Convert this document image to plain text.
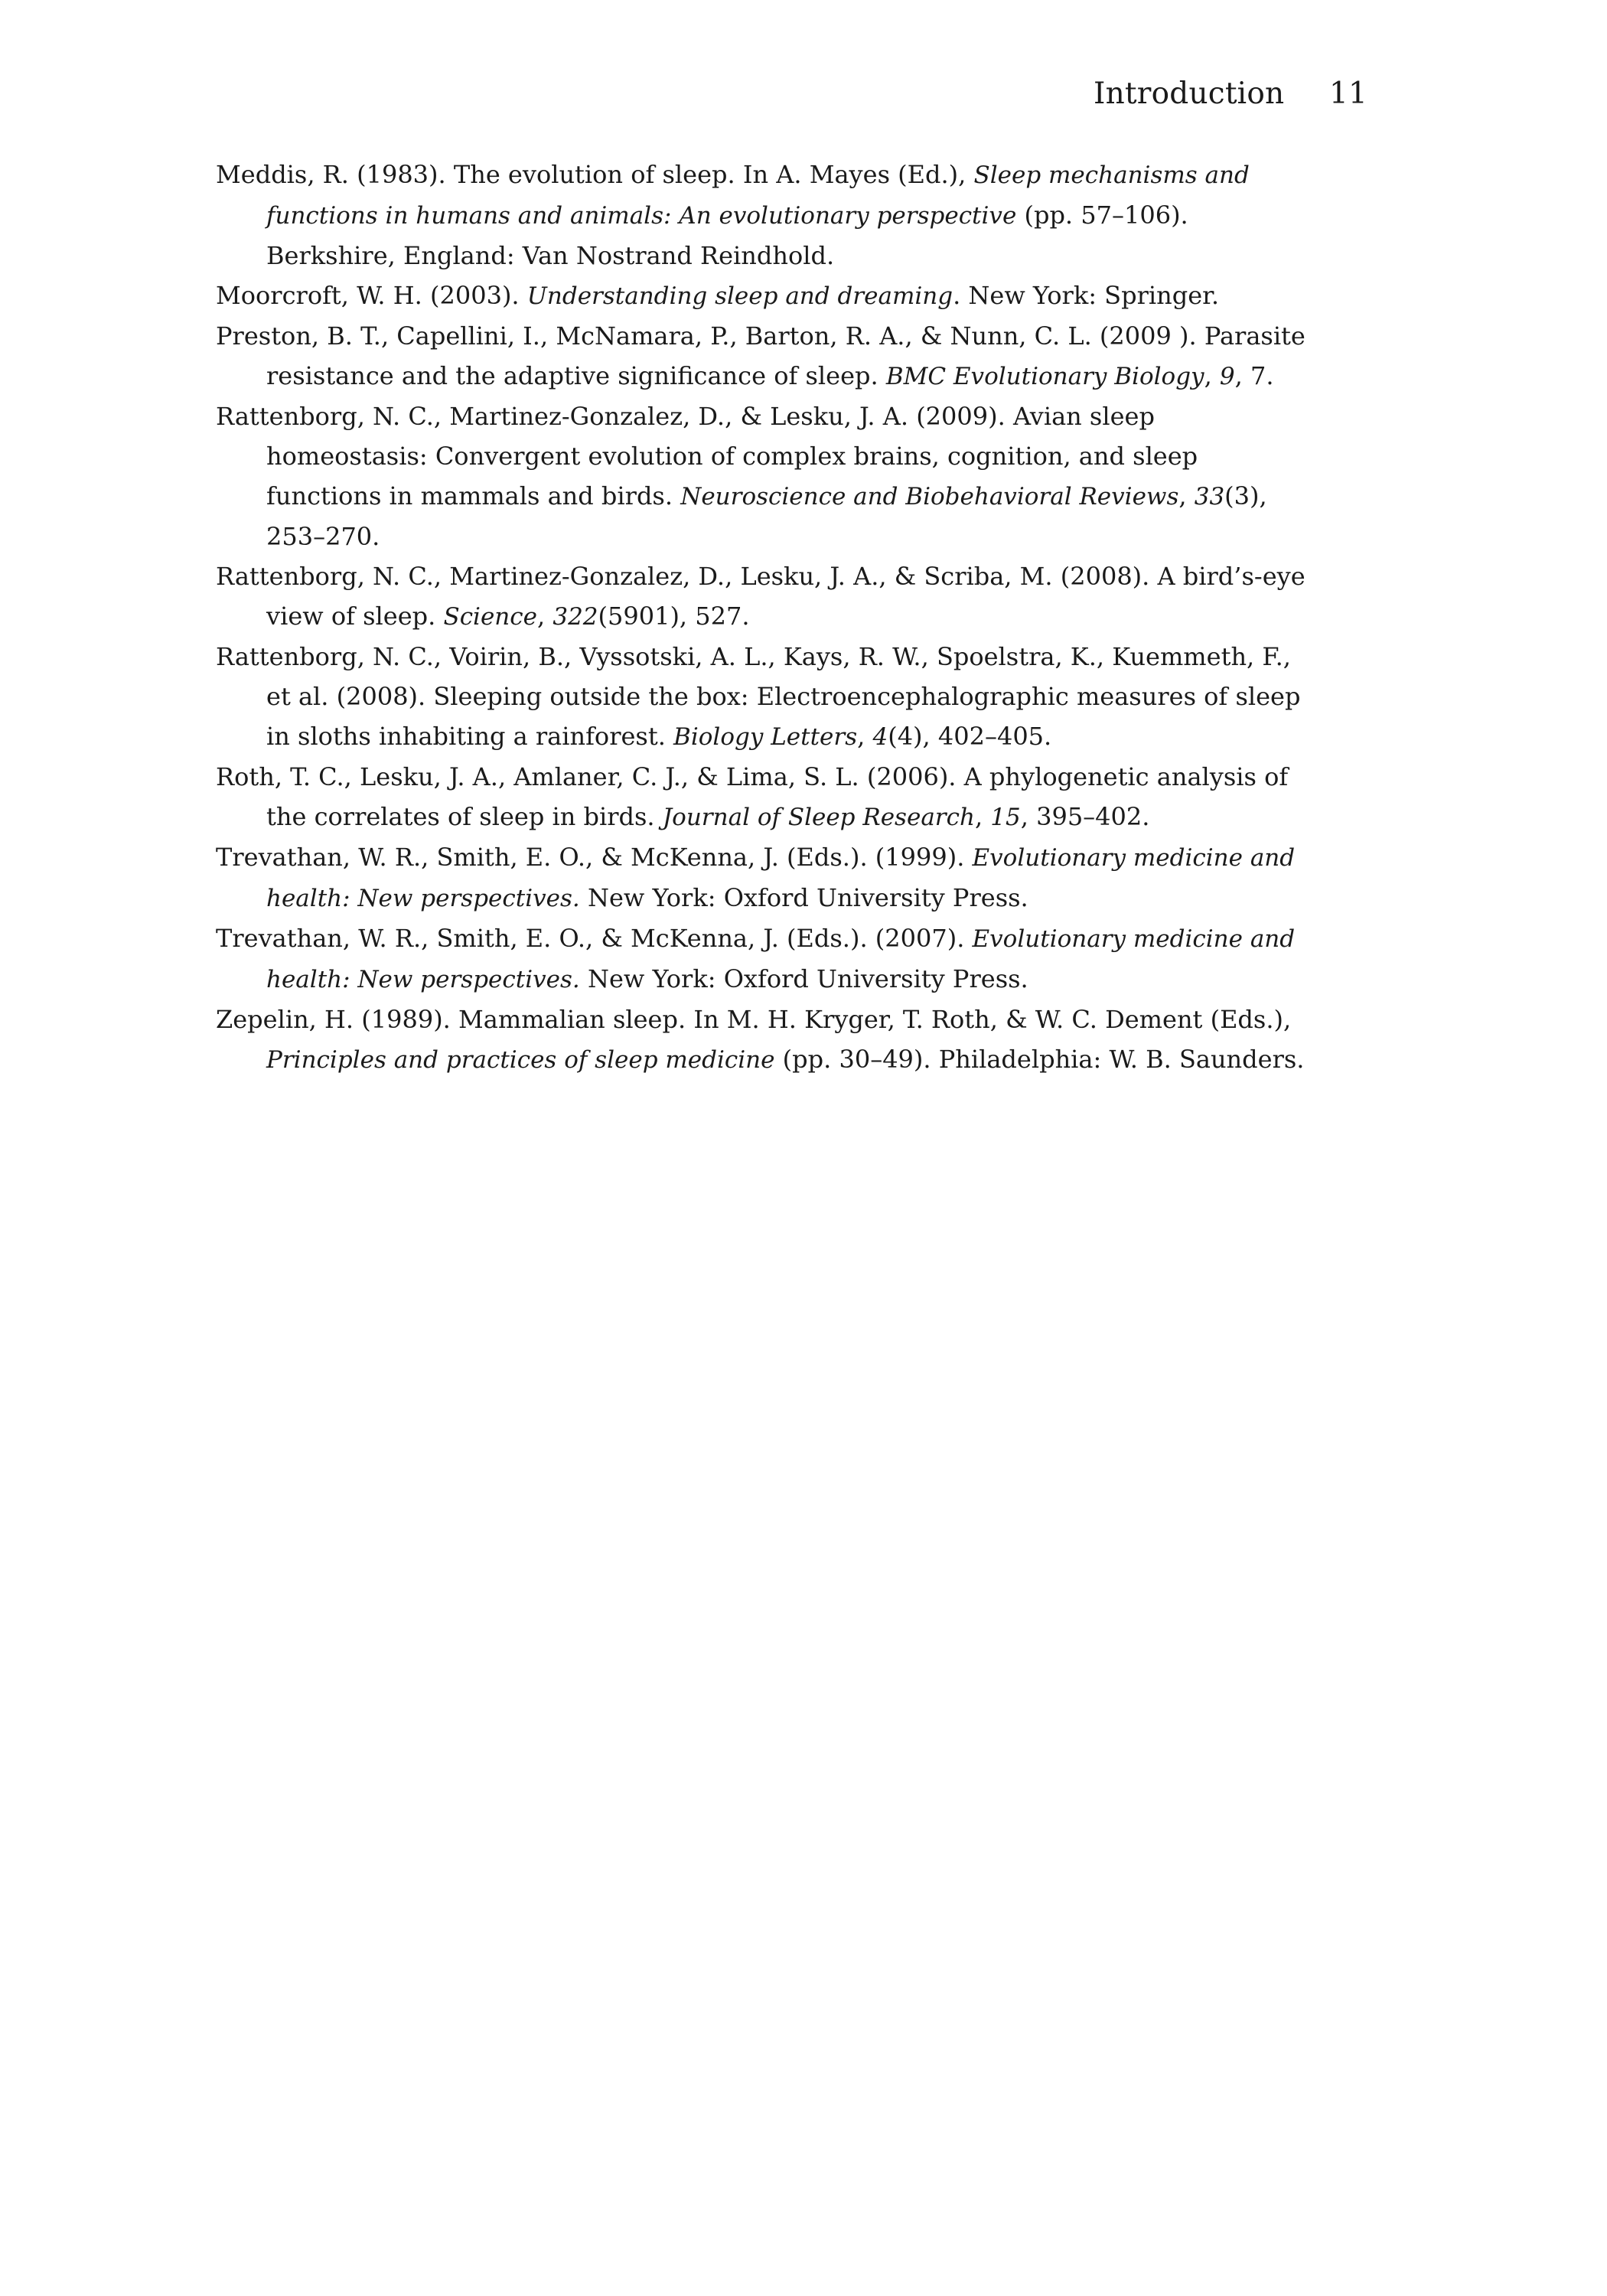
Introduction 11

Meddis, R. (1983). The evolution of sleep. In A. Mayes (Ed.), Sleep mechanisms and functions in humans and animals: An evolutionary perspective (pp. 57–106). Berkshire, England: Van Nostrand Reindhold.

Moorcroft, W. H. (2003). Understanding sleep and dreaming. New York: Springer.

Preston, B. T., Capellini, I., McNamara, P., Barton, R. A., & Nunn, C. L. (2009 ). Parasite resistance and the adaptive significance of sleep. BMC Evolutionary Biology, 9, 7.

Rattenborg, N. C., Martinez-Gonzalez, D., & Lesku, J. A. (2009). Avian sleep homeostasis: Convergent evolution of complex brains, cognition, and sleep functions in mammals and birds. Neuroscience and Biobehavioral Reviews, 33(3), 253–270.

Rattenborg, N. C., Martinez-Gonzalez, D., Lesku, J. A., & Scriba, M. (2008). A bird’s-eye view of sleep. Science, 322(5901), 527.

Rattenborg, N. C., Voirin, B., Vyssotski, A. L., Kays, R. W., Spoelstra, K., Kuemmeth, F., et al. (2008). Sleeping outside the box: Electroencephalographic measures of sleep in sloths inhabiting a rainforest. Biology Letters, 4(4), 402–405.

Roth, T. C., Lesku, J. A., Amlaner, C. J., & Lima, S. L. (2006). A phylogenetic analysis of the correlates of sleep in birds. Journal of Sleep Research, 15, 395–402.

Trevathan, W. R., Smith, E. O., & McKenna, J. (Eds.). (1999). Evolutionary medicine and health: New perspectives. New York: Oxford University Press.

Trevathan, W. R., Smith, E. O., & McKenna, J. (Eds.). (2007). Evolutionary medicine and health: New perspectives. New York: Oxford University Press.

Zepelin, H. (1989). Mammalian sleep. In M. H. Kryger, T. Roth, & W. C. Dement (Eds.), Principles and practices of sleep medicine (pp. 30–49). Philadelphia: W. B. Saunders.
